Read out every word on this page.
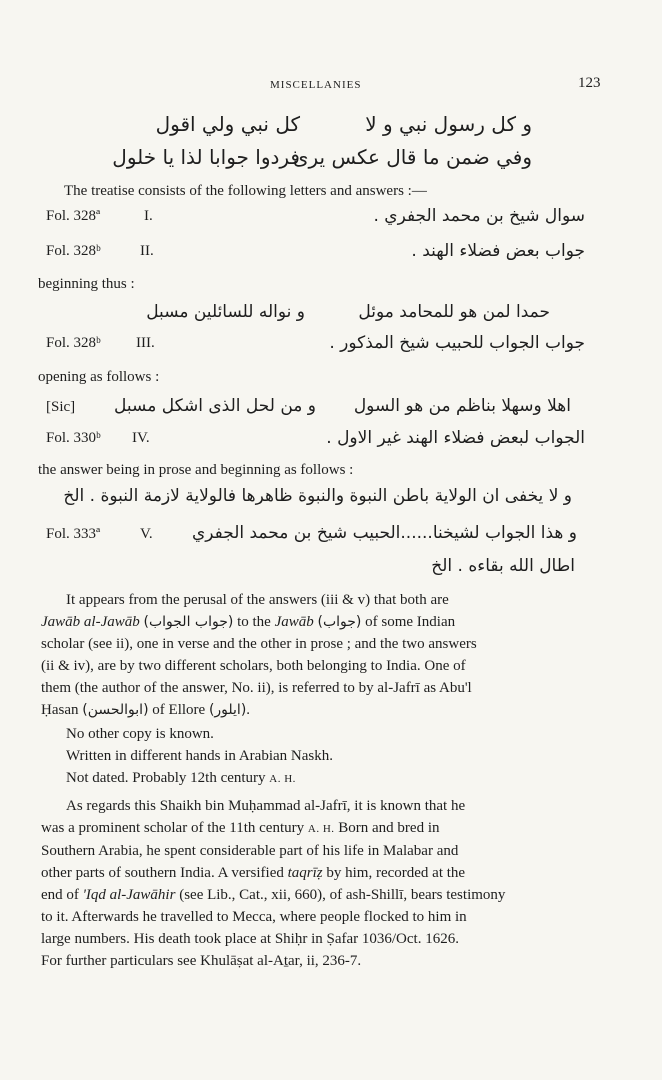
MISCELLANIES	123
و كل رسول نبي و لا
كل نبي ولي اقول
وفي ضمن ما قال عكس يرى
فردوا جوابا لذا يا خلول
The treatise consists of the following letters and answers :—
Fol. 328ª	I.	سوال شيخ بن محمد الجفري .
Fol. 328ᵇ	II.	جواب بعض فضلاء الهند .
beginning thus :
حمدا لمن هو للمحامد موئل
و نواله للسائلين مسبل
Fol. 328ᵇ III.	جواب الجواب للحبيب شيخ المذكور .
opening as follows :
[Sic]	اهلا وسهلا بناظم من هو السول
و من لحل الذى اشكل مسبل
Fol. 330ᵇ IV.	الجواب لبعض فضلاء الهند غير الاول .
the answer being in prose and beginning as follows :
و لا يخفى ان الولاية باطن النبوة والنبوة ظاهرها فالولاية لازمة النبوة . الخ
Fol. 333ª	V.	و هذا الجواب لشيخنا......الحبيب شيخ بن محمد الجفري
اطال الله بقاءه . الخ
It appears from the perusal of the answers (iii & v) that both are
Jawāb al-Jawāb (جواب الجواب) to the Jawāb (جواب) of some Indian
scholar (see ii), one in verse and the other in prose ; and the two answers
(ii & iv), are by two different scholars, both belonging to India. One of
them (the author of the answer, No. ii), is referred to by al-Jafrī as Abu'l
Ḥasan (ابوالحسن) of Ellore (ايلور).
No other copy is known.
Written in different hands in Arabian Naskh.
Not dated. Probably 12th century A. H.
As regards this Shaikh bin Muḥammad al-Jafrī, it is known that he
was a prominent scholar of the 11th century A. H. Born and bred in
Southern Arabia, he spent considerable part of his life in Malabar and
other parts of southern India. A versified taqrīẓ by him, recorded at the
end of 'Iqd al-Jawāhir (see Lib., Cat., xii, 660), of ash-Shillī, bears testimony
to it. Afterwards he travelled to Mecca, where people flocked to him in
large numbers. His death took place at Shiḥr in Ṣafar 1036/Oct. 1626.
For further particulars see Khulāṣat al-Aṯar, ii, 236-7.
